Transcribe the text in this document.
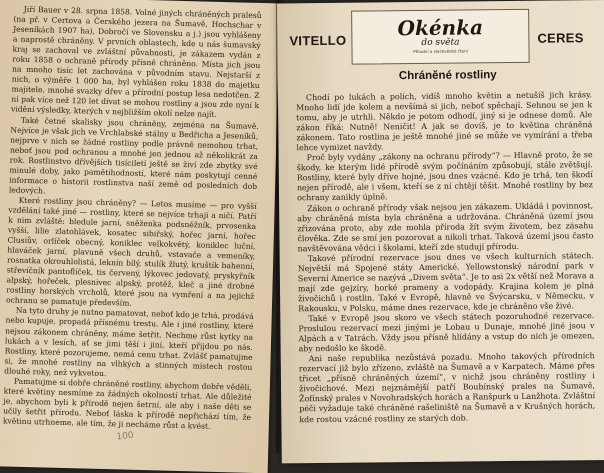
Jiří Bauer v 28. srpna 1858. Volné jiných chráněných pralesů (na př. v Certova a Čerského jezera na Šumavě, Hochschar v Jeseníkách 1907 ha), Dobročí ve Slovensku a j.) jsou vyhlášeny a naprostě chráněny. V prvních oblastech, kde u nás šumavský kraj se zachoval ve zvláštní půvabnosti, je zákazem vydán z roku 1858 o ochraně přírody přísně chráněno. Místa jich jsou na mnoho tisíc let zachována v původním stavu. Nejstarší z nich, o výměře 1 000 ha, byl vyhlášen roku 1838 do majetku majitele, mnohé svazky dřev a přírodní postup lesa nedotčen. Z ní pak více než 120 let dívat se mohou rostliny a jsou zde nyní k vidění výsledky, kterých v nejbližším okolí nelze najít.

Také četné skalisky jsou chráněny, zejména na Šumavě. Nejvíce je však jich ve Vrchlabské stálny u Bedřicha a Jeseníků, nejprve v nich se žádné rostliny podle právně nemohou trhat, neboť jsou pod ochranou a mnohé jen jednou až několikrát za rok. Rostlinstvo dřívějších tisíciletí ještě se živí zde zbytky své minulé doby, jako pamětihodností, které nám poskytují cenné informace o historii rostlinstva naší země od posledních dob ledových.

Které rostliny jsou chráněny? — Letos musíme — pro vyšší vzdělání také jiné — rostliny, které se nejvíce trhají a ničí. Patří k nim zvláště: bledule jarní, sněženka podsněžník, prvosenka vyšší, lilie zlatohlávek, kosatec sibiřský, hořec jarní, hořec Clusiův, orlíček obecný, koniklec velkokvětý, koniklec luční, hlaváček jarní, plavuně všech druhů, vstavače a vemeníky, rosnatka okrouhlolistá, leknín bílý, stulík žlutý, kruštík bahenní, střevíčník pantoflíček, tis červený, lýkovec jedovatý, pryskyřník alpský, hořeček, plesnivec alpský, protěž, kleč a jiné drobné rostliny horských vrcholů, které jsou na vymření a na jejichž ochranu se pamatuje především.

Na tyto druhy je nutno pamatovat, neboť kdo je trhá, prodává nebo kupuje, propadá přísnému trestu. Ale i jiné rostliny, které nejsou zákonem chráněny, máme šetřit. Nechme růst kytky na lukách a v lesích, ať se jimi těší i jiní, kteří přijdou po nás. Rostliny, které pozorujeme, nemá cenu trhat. Zvlášť pamatujme si, že mnohé rostliny na vlhkých a stinných místech rostou dlouhé roky, než vykvetou.

Pamatujme si dobře chráněné rostliny, abychom dobře věděli, které květiny nesmíme za žádných okolností trhat. Ale důležité je, abychom byli k přírodě nejen šetrní, ale aby i naše děti se učily šetřit přírodu. Neboť láska k přírodě nepřichází tím, že květinu utrhneme, ale tím, že ji necháme růst a kvést.

100
VITELLO
Okénka
do světa
Přírodní a vlastivědné čtení
CERES
Chráněné rostliny

Chodí po lukách a polích, vidíš mnoho květin a netušíš jich krásy. Mnoho lidí jde kolem a nevšímá si jich, neboť spěchají. Sehnou se jen k tomu, aby je utrhli. Někdo je potom odhodí, jiný si je odnese domů. Ale zákon říká: Nutně! Neničit! A jak se dovíš, je to květina chráněná zákonem. Tato rostlina je ještě mnohé jiné se může ve vymírání a třeba lehce vymizet navždy.

Proč byly vydány „zákony na ochranu přírody“? — Hlavně proto, že se škody, ke kterým lidé přírodě svým počínáním způsobují, stále zvětšují. Rostliny, které byly dříve hojné, jsou dnes vzácné. Kdo je trhá, ten škodí nejen přírodě, ale i všem, kteří se z ní chtějí těšit. Mnohé rostliny by bez ochrany zanikly úplně.

Zákon o ochraně přírody však nejsou jen zákazem. Ukládá i povinnost, aby chráněná místa byla chráněna a udržována. Chráněná území jsou zřizována proto, aby zde mohla příroda žít svým životem, bez zásahu člověka. Zde se smí jen pozorovat a nikoli trhat. Taková území jsou často navštěvována vědci i školami, kteří zde studují přírodu.

Takové přírodní rezervace jsou dnes ve všech kulturních státech. Největší má Spojené státy Americké. Yellowstonský národní park v Severní Americe se nazývá „Divem světa“. Je to asi 2x větší než Morava a mají zde gejzíry, horké prameny a vodopády. Krajina kolem je plná živočichů i rostlin. Také v Evropě, hlavně ve Švýcarsku, v Německu, v Rakousku, v Polsku, máme dnes rezervace, kde je chráněno vše živé.

Také v Evropě jsou skoro ve všech státech pozoruhodné rezervace. Proslulou rezervací mezi jinými je Lobau u Dunaje, mnohé jiné jsou v Alpách a v Tatrách. Vždy jsou přísně hlídány a vstup do nich je omezen, aby nedošlo ke škodě.

Ani naše republika nezůstává pozadu. Mnoho takových přírodních rezervací již bylo zřízeno, zvláště na Šumavě a v Karpatech. Máme přes třicet „přísně chráněných území“, v nichž jsou chráněny rostliny i živočichové. Mezi nejznámější patří Boubínský prales na Šumavě, Žofínský prales v Novohradských horách a Ranšpurk u Lanžhota. Zvláštní péči vyžaduje také chráněné rašeliniště na Šumavě a v Krušných horách, kde rostou vzácné rostliny ze starých dob.
